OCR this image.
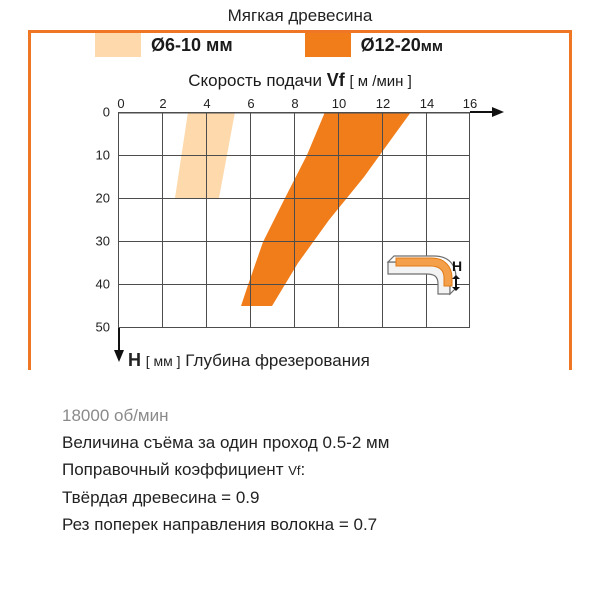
Мягкая древесина
Ø6-10 мм	Ø12-20мм
Скорость подачи Vf [ м /мин ]
0	2	4	6	8	10 12 14 16
0
10
20
30
40
50
H
H [ мм ] Глубина фрезерования
18000 об/мин
Величина съёма за один проход 0.5-2 мм
Поправочный коэффициент Vf:
Твёрдая древесина = 0.9
Рез поперек направления волокна = 0.7
